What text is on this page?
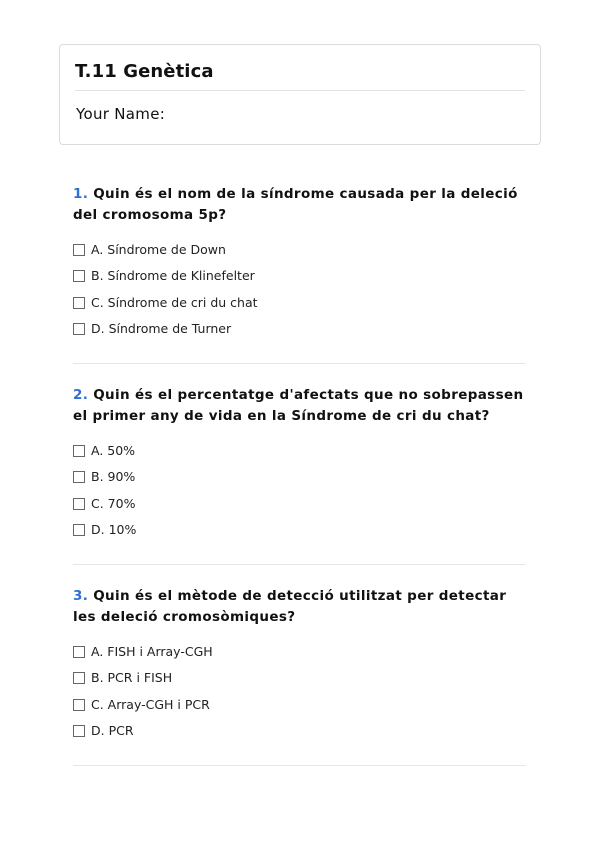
T.11 Genètica
Your Name:
1. Quin és el nom de la síndrome causada per la deleció del cromosoma 5p?
A. Síndrome de Down
B. Síndrome de Klinefelter
C. Síndrome de cri du chat
D. Síndrome de Turner
2. Quin és el percentatge d'afectats que no sobrepassen el primer any de vida en la Síndrome de cri du chat?
A. 50%
B. 90%
C. 70%
D. 10%
3. Quin és el mètode de detecció utilitzat per detectar les deleció cromosòmiques?
A. FISH i Array-CGH
B. PCR i FISH
C. Array-CGH i PCR
D. PCR
